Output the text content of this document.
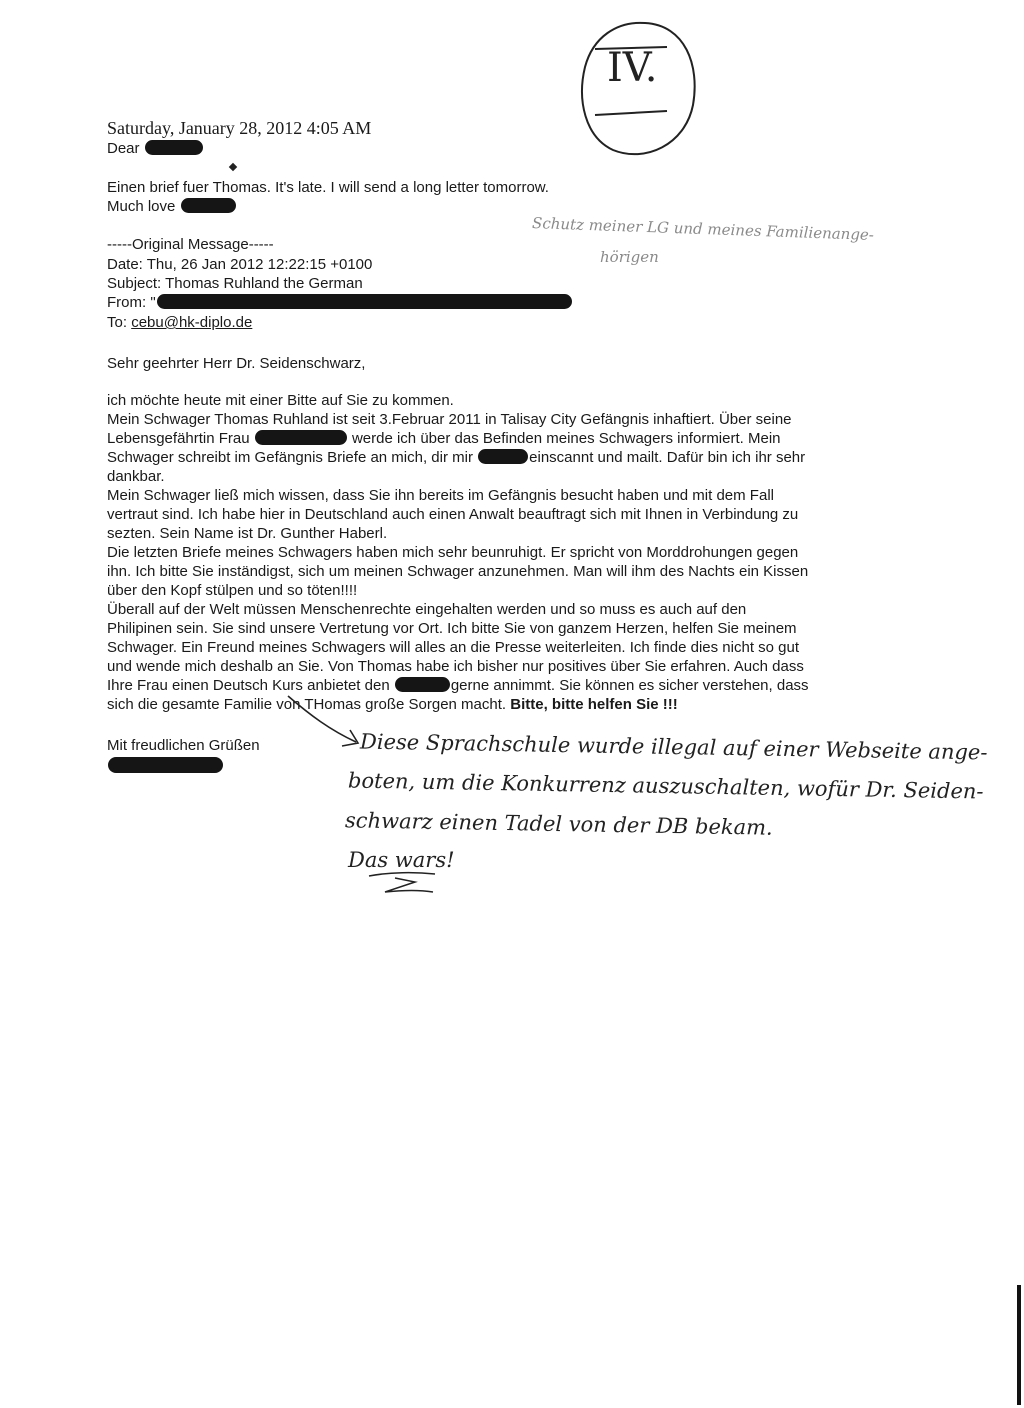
IV.
Saturday, January 28, 2012 4:05 AM
Dear
Einen brief fuer Thomas. It's late. I will send a long letter tomorrow.
Much love
Schutz meiner LG und meines Familienange-
hörigen
-----Original Message-----
Date: Thu, 26 Jan 2012 12:22:15 +0100
Subject: Thomas Ruhland the German
From: "
To: cebu@hk-diplo.de
Sehr geehrter Herr Dr. Seidenschwarz,
ich möchte heute mit einer Bitte auf Sie zu kommen.
Mein Schwager Thomas Ruhland ist seit 3.Februar 2011 in Talisay City Gefängnis inhaftiert. Über seine
Lebensgefährtin Frau	werde ich über das Befinden meines Schwagers informiert. Mein
Schwager schreibt im Gefängnis Briefe an mich, dir mir	einscannt und mailt. Dafür bin ich ihr sehr
dankbar.
Mein Schwager ließ mich wissen, dass Sie ihn bereits im Gefängnis besucht haben und mit dem Fall
vertraut sind. Ich habe hier in Deutschland auch einen Anwalt beauftragt sich mit Ihnen in Verbindung zu
sezten. Sein Name ist Dr. Gunther Haberl.
Die letzten Briefe meines Schwagers haben mich sehr beunruhigt. Er spricht von Morddrohungen gegen
ihn. Ich bitte Sie inständigst, sich um meinen Schwager anzunehmen. Man will ihm des Nachts ein Kissen
über den Kopf stülpen und so töten!!!!
Überall auf der Welt müssen Menschenrechte eingehalten werden und so muss es auch auf den
Philipinen sein. Sie sind unsere Vertretung vor Ort. Ich bitte Sie von ganzem Herzen, helfen Sie meinem
Schwager. Ein Freund meines Schwagers will alles an die Presse weiterleiten. Ich finde dies nicht so gut
und wende mich deshalb an Sie. Von Thomas habe ich bisher nur positives über Sie erfahren. Auch dass
Ihre Frau einen Deutsch Kurs anbietet den	gerne annimmt. Sie können es sicher verstehen, dass
sich die gesamte Familie von THomas große Sorgen macht. Bitte, bitte helfen Sie !!!
Mit freudlichen Grüßen	Diese Sprachschule wurde illegal auf einer Webseite ange-
boten, um die Konkurrenz auszuschalten, wofür Dr. Seiden-
schwarz einen Tadel von der DB bekam.
Das wars!
